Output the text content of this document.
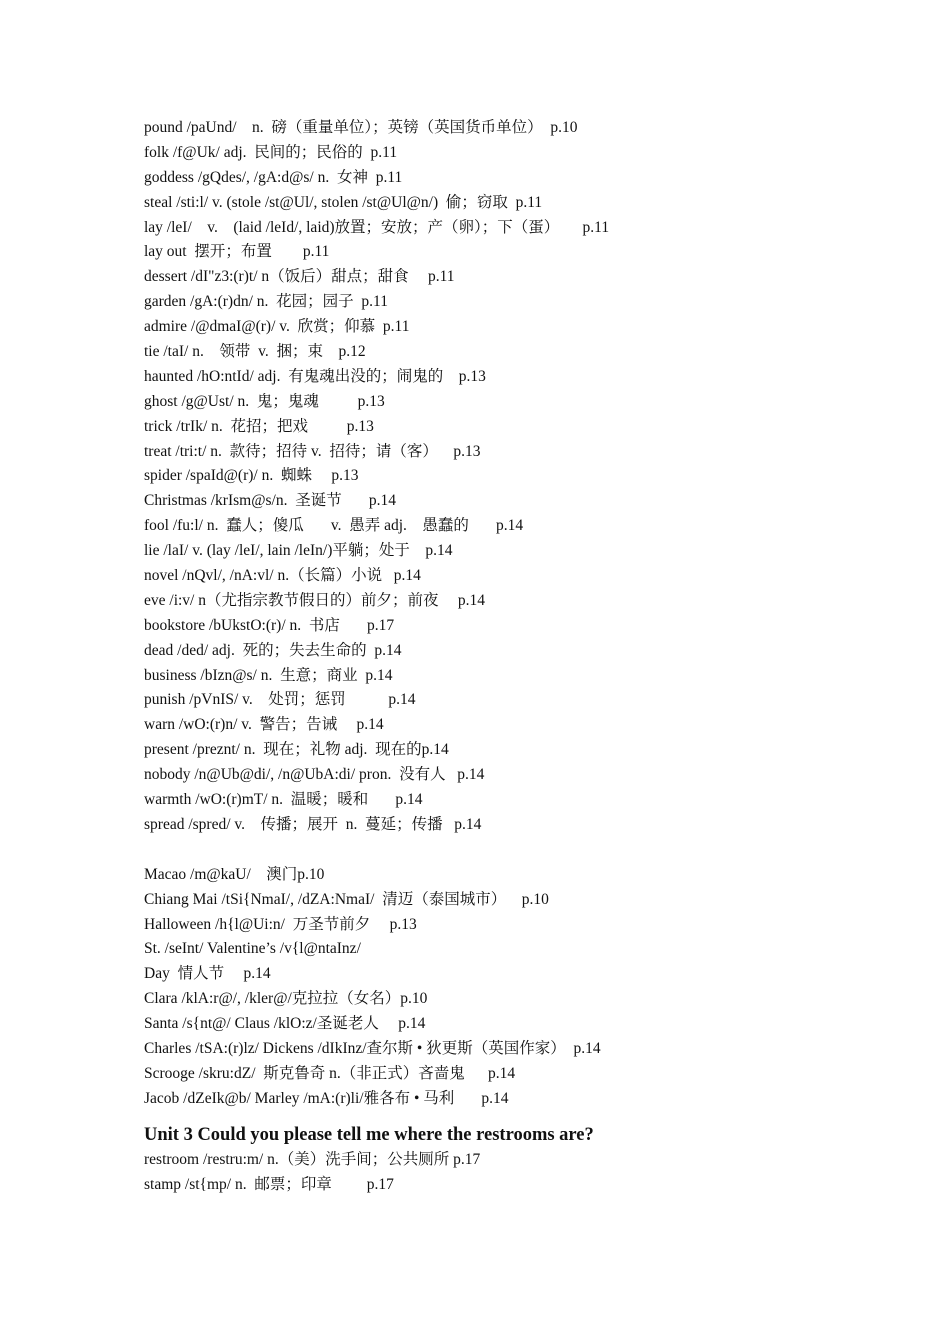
pound /paUnd/    n.  磅（重量单位）；英镑（英国货币单位）  p.10
folk /f@Uk/ adj.  民间的；民俗的  p.11
goddess /gQdes/, /gA:d@s/ n.  女神  p.11
steal /sti:l/ v. (stole /st@Ul/, stolen /st@Ul@n/)  偷；窃取  p.11
lay /leI/    v.    (laid /leId/, laid)放置；安放；产（卵）；下（蛋）      p.11
lay out  摆开；布置        p.11
dessert /dI"z3:(r)t/ n（饭后）甜点；甜食     p.11
garden /gA:(r)dn/ n.  花园；园子  p.11
admire /@dmaI@(r)/ v.  欣赏；仰慕  p.11
tie /taI/ n.    领带  v.  捆；束    p.12
haunted /hO:ntId/ adj.  有鬼魂出没的；闹鬼的    p.13
ghost /g@Ust/ n.  鬼；鬼魂          p.13
trick /trIk/ n.  花招；把戏          p.13
treat /tri:t/ n.  款待；招待 v.  招待；请（客）    p.13
spider /spaId@(r)/ n.  蜘蛛     p.13
Christmas /krIsm@s/n.  圣诞节       p.14
fool /fu:l/ n.  蠢人；傻瓜       v.  愚弄 adj.    愚蠢的       p.14
lie /laI/ v. (lay /leI/, lain /leIn/)平躺；处于    p.14
novel /nQvl/, /nA:vl/ n.（长篇）小说   p.14
eve /i:v/ n（尤指宗教节假日的）前夕；前夜     p.14
bookstore /bUkstO:(r)/ n.  书店       p.17
dead /ded/ adj.  死的；失去生命的  p.14
business /bIzn@s/ n.  生意；商业  p.14
punish /pVnIS/ v.    处罚；惩罚           p.14
warn /wO:(r)n/ v.  警告；告诫     p.14
present /preznt/ n.  现在；礼物 adj.  现在的p.14
nobody /n@Ub@di/, /n@UbA:di/ pron.  没有人   p.14
warmth /wO:(r)mT/ n.  温暖；暖和       p.14
spread /spred/ v.    传播；展开  n.  蔓延；传播   p.14
Macao /m@kaU/    澳门p.10
Chiang Mai /tSi{NmaI/, /dZA:NmaI/  清迈（泰国城市）    p.10
Halloween /h{l@Ui:n/  万圣节前夕     p.13
St. /seInt/ Valentine’s /v{l@ntaInz/
Day  情人节     p.14
Clara /klA:r@/, /kler@/克拉拉（女名）p.10
Santa /s{nt@/ Claus /klO:z/圣诞老人     p.14
Charles /tSA:(r)lz/ Dickens /dIkInz/查尔斯 • 狄更斯（英国作家）  p.14
Scrooge /skru:dZ/  斯克鲁奇 n.（非正式）吝啬鬼      p.14
Jacob /dZeIk@b/ Marley /mA:(r)li/雅各布 • 马利       p.14
Unit 3 Could you please tell me where the restrooms are?
restroom /restru:m/ n.（美）洗手间；公共厕所 p.17
stamp /st{mp/ n.  邮票；印章         p.17
